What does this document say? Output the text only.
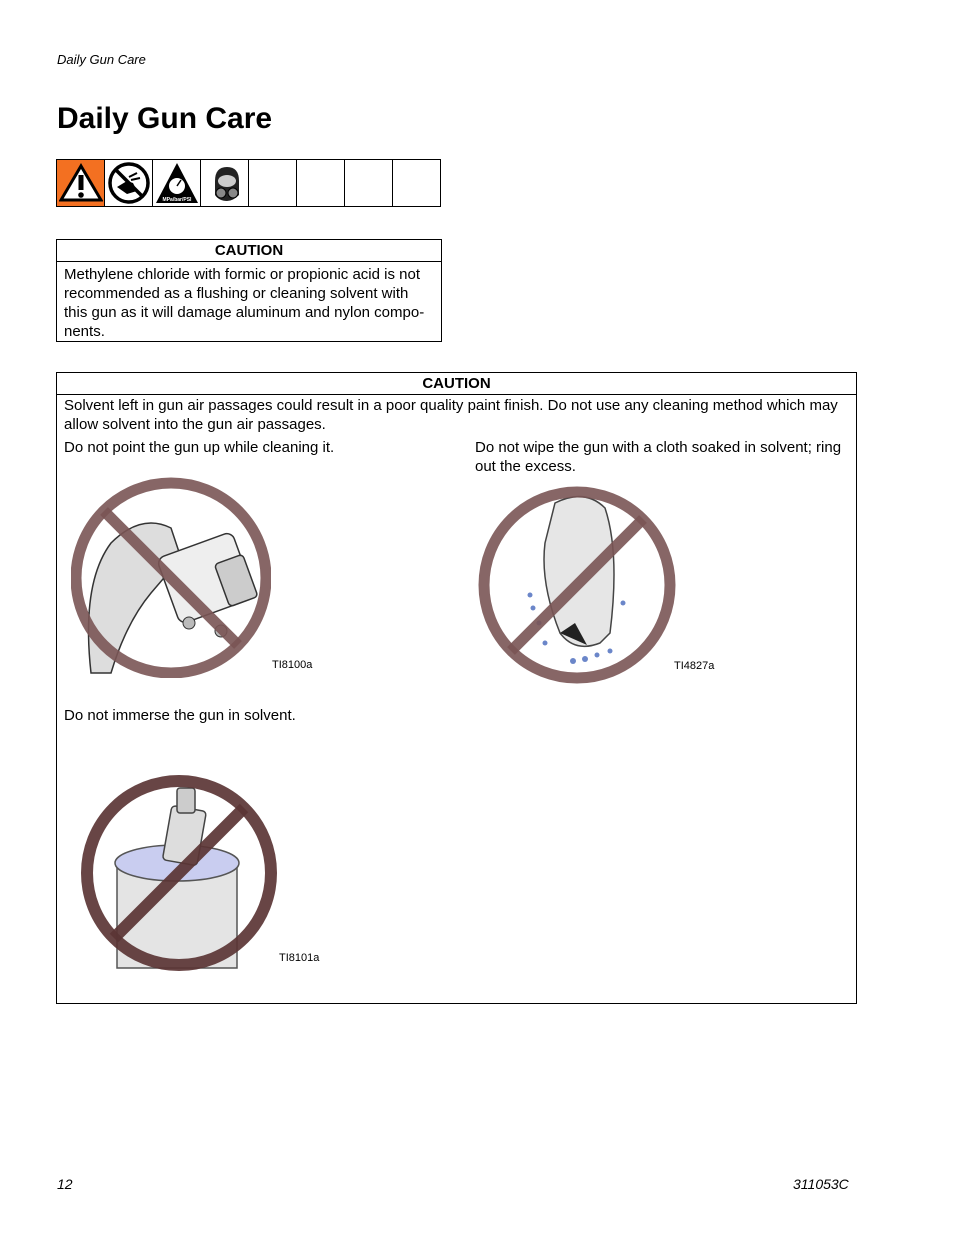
Daily Gun Care
Daily Gun Care
MPa/bar/PSI
CAUTION
Methylene chloride with formic or propionic acid is not recommended as a flushing or cleaning solvent with this gun as it will damage aluminum and nylon compo-nents.
CAUTION
Solvent left in gun air passages could result in a poor quality paint finish. Do not use any cleaning method which may allow solvent into the gun air passages.
Do not point the gun up while cleaning it.
TI8100a
Do not wipe the gun with a cloth soaked in solvent; ring out the excess.
TI4827a
Do not immerse the gun in solvent.
TI8101a
12	311053C
